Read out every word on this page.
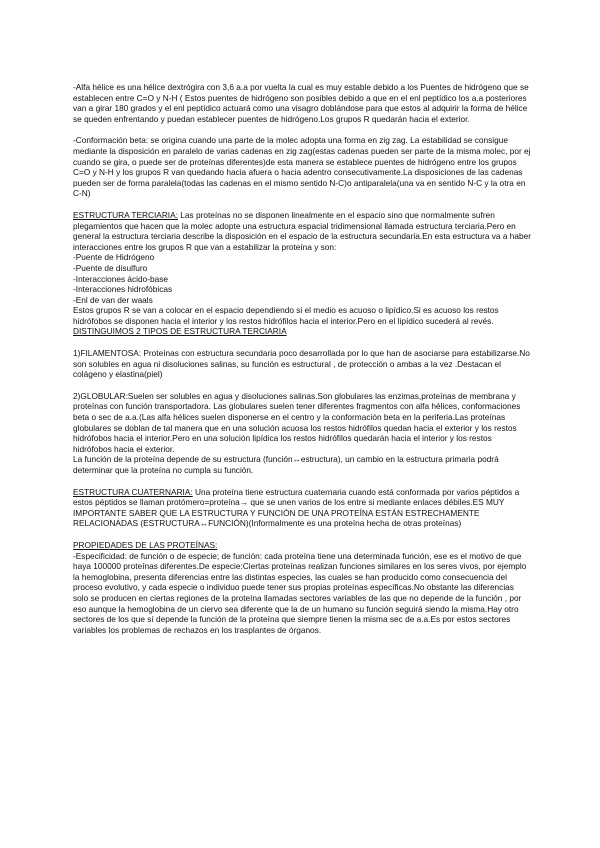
-Alfa hélice es una hélice dextrógira con 3,6 a.a por vuelta la cual es muy estable debido a los Puentes de hidrógeno que se establecen entre C=O y N-H ( Estos puentes de hidrógeno son posibles debido a que en el enl peptídico los a.a posteriores van a girar 180 grados y el enl peptídico actuará como una visagro doblándose para que estos al adquirir la forma de hélice se queden enfrentando y puedan establecer puentes de hidrógeno.Los grupos R quedarán hacia el exterior.

-Conformación beta: se origina cuando una parte de la molec adopta una forma en zig zag. La estabilidad se consigue mediante la disposición en paralelo de varias cadenas en zig zag(estas cadenas pueden ser parte de la misma molec, por ej cuando se gira, o puede ser de proteínas diferentes)de esta manera se establece puentes de hidrógeno entre los grupos C=O y N-H y los grupos R van quedando hacia afuera o hacia adentro consecutivamente.La disposiciones de las cadenas pueden ser de forma paralela(todas las cadenas en el mismo sentido N-C)o antiparalela(una va en sentido N-C y la otra en C-N)

ESTRUCTURA TERCIARIA: Las proteínas no se disponen linealmente en el espacio sino que normalmente sufren plegamientos que hacen que la molec adopte una estructura espacial tridimensional llamada estructura terciaria.Pero en general la estructura terciaria describe la disposición en el espacio de la estructura secundaria.En esta estructura va a haber interacciones entre los grupos R que van a estabilizar la proteína y son:

-Puente de Hidrógeno

-Puente de disulfuro

-Interacciones ácido-base

-Interacciones hidrofóbicas

-Enl de van der waals

Estos grupos R se van a colocar en el espacio dependiendo si el medio es acuoso o lipídico.Si es acuoso los restos hidrófobos se disponen hacia el interior y los restos hidrófilos hacia el interior.Pero en el lipídico sucederá al revés.

DISTINGUIMOS 2 TIPOS DE ESTRUCTURA TERCIARIA

1)FILAMENTOSA: Proteínas con estructura secundaria poco desarrollada por lo que han de asociarse para estabilizarse.No son solubles en agua ni disoluciones salinas, su función es estructural , de protección o ambas a la vez .Destacan el colágeno y elastina(piel)

2)GLOBULAR:Suelen ser solubles en agua y disoluciones salinas.Son globulares las enzimas,proteínas de membrana y proteínas con función transportadora. Las globulares suelen tener diferentes fragmentos con alfa hélices, conformaciones beta o sec de a.a.(Las alfa hélices suelen disponerse en el centro y la conformación beta en la periferia.Las proteínas globulares se doblan de tal manera que en una solución acuosa los restos hidrófilos quedan hacia el exterior y los restos hidrófobos hacia el interior.Pero en una solución lipídica los restos hidrófilos quedarán hacia el interior y los restos hidrófobos hacia el exterior.

La función de la proteína depende de su estructura (función↔estructura), un cambio en la estructura primaria podrá determinar que la proteína no cumpla su función.

ESTRUCTURA CUATERNARIA: Una proteína tiene estructura cuaternaria cuando está conformada por varios péptidos a estos péptidos se llaman protómero=proteína→ que se unen varios de los entre si mediante enlaces débiles.ES MUY IMPORTANTE SABER QUE LA ESTRUCTURA Y FUNCIÓN DE UNA PROTEÍNA ESTÁN ESTRECHAMENTE RELACIONADAS (ESTRUCTURA↔FUNCIÓN)(Informalmente es una proteína hecha de otras proteínas)

PROPIEDADES DE LAS PROTEÍNAS:

-Especificidad: de función o de especie; de función: cada proteína tiene una determinada función, ese es el motivo de que haya 100000 proteínas diferentes.De especie:Ciertas proteínas realizan funciones similares en los seres vivos, por ejemplo la hemoglobina, presenta diferencias entre las distintas especies, las cuales se han producido como consecuencia del proceso evolutivo, y cada especie o individuo puede tener sus propias proteínas específicas.No obstante las diferencias solo se producen en ciertas regiones de la proteína llamadas sectores variables de las que no depende de la función , por eso aunque la hemoglobina de un ciervo sea diferente que la de un humano su función seguirá siendo la misma.Hay otro sectores de los que sí depende la función de la proteína que siempre tienen la misma sec de a.a.Es por estos sectores variables los problemas de rechazos en los trasplantes de órganos.
